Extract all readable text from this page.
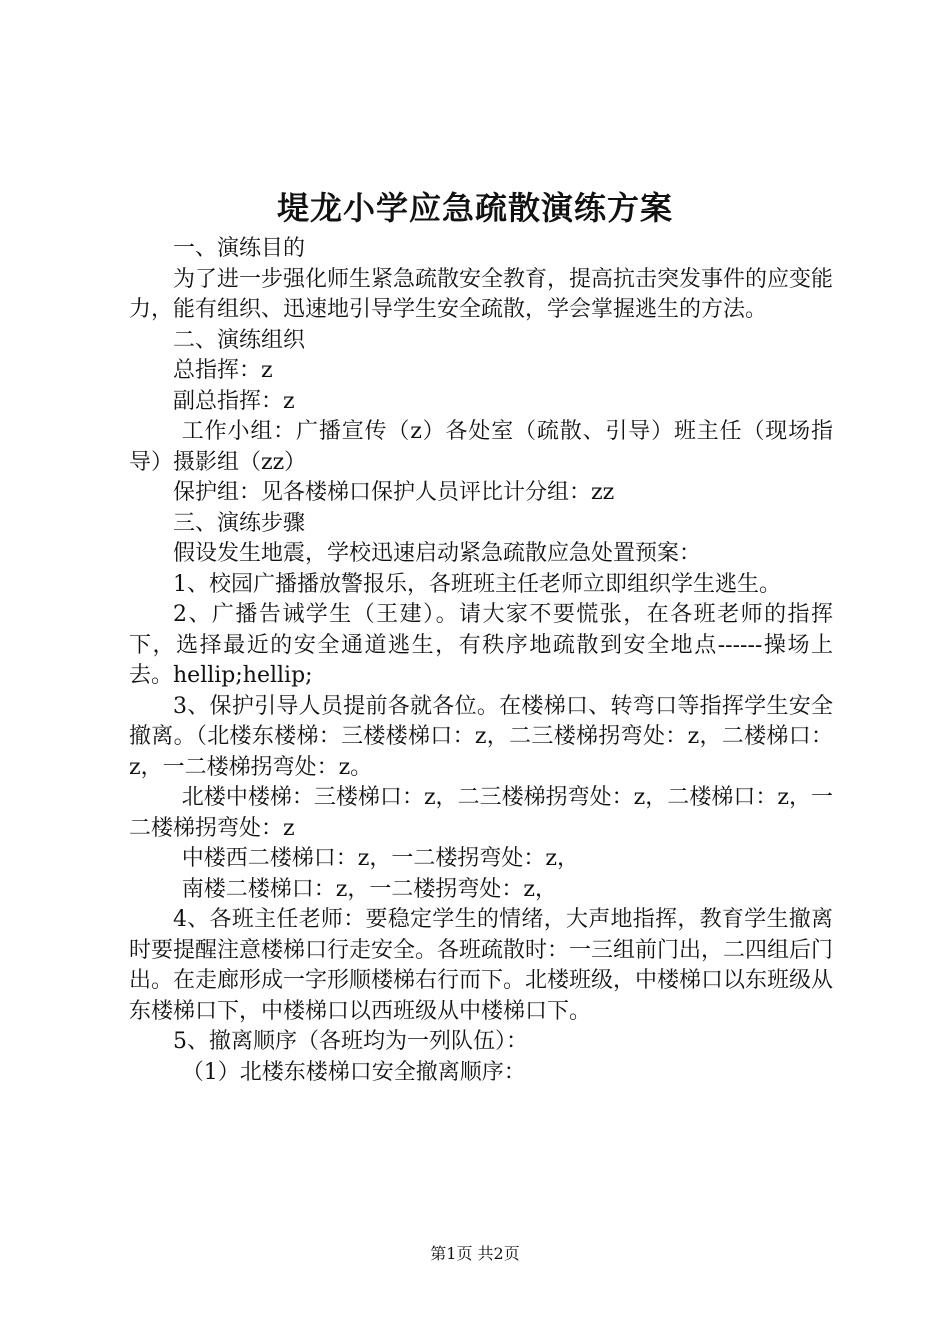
堤龙小学应急疏散演练方案

一、演练目的

为了进一步强化师生紧急疏散安全教育，提高抗击突发事件的应变能力，能有组织、迅速地引导学生安全疏散，学会掌握逃生的方法。

二、演练组织

总指挥：z

副总指挥：z

工作小组：广播宣传（z）各处室（疏散、引导）班主任（现场指导）摄影组（zz）

保护组：见各楼梯口保护人员评比计分组：zz

三、演练步骤

假设发生地震，学校迅速启动紧急疏散应急处置预案：

1、校园广播播放警报乐，各班班主任老师立即组织学生逃生。

2、广播告诫学生（王建）。请大家不要慌张，在各班老师的指挥下，选择最近的安全通道逃生，有秩序地疏散到安全地点------操场上去。hellip;hellip;

3、保护引导人员提前各就各位。在楼梯口、转弯口等指挥学生安全撤离。（北楼东楼梯：三楼楼梯口：z，二三楼梯拐弯处：z，二楼梯口：z，一二楼梯拐弯处：z。

北楼中楼梯：三楼梯口：z，二三楼梯拐弯处：z，二楼梯口：z，一二楼梯拐弯处：z

中楼西二楼梯口：z，一二楼拐弯处：z，

南楼二楼梯口：z，一二楼拐弯处：z，

4、各班主任老师：要稳定学生的情绪，大声地指挥，教育学生撤离时要提醒注意楼梯口行走安全。各班疏散时：一三组前门出，二四组后门出。在走廊形成一字形顺楼梯右行而下。北楼班级，中楼梯口以东班级从东楼梯口下，中楼梯口以西班级从中楼梯口下。

5、撤离顺序（各班均为一列队伍）：

（1）北楼东楼梯口安全撤离顺序：

第1页 共2页
